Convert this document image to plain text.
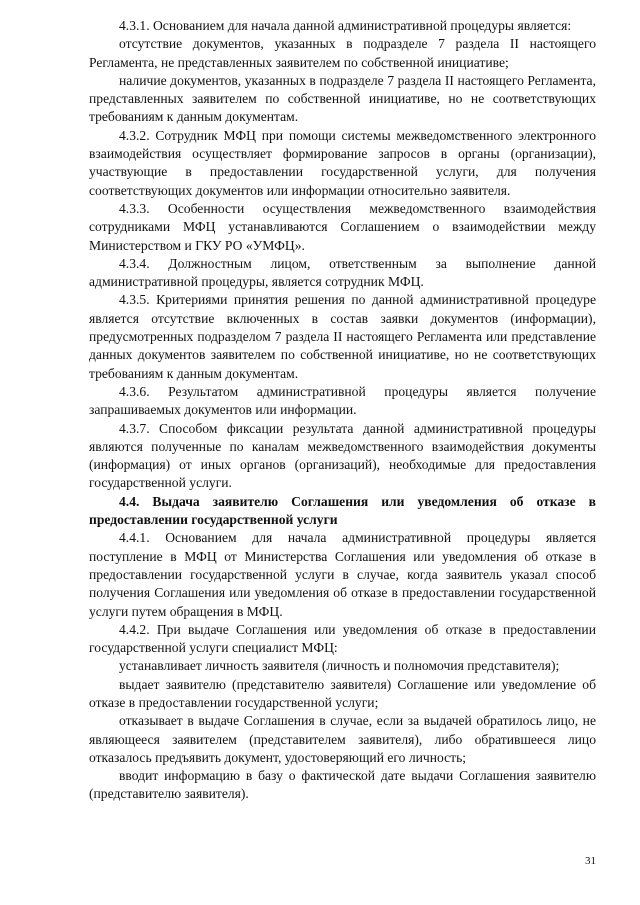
4.3.1. Основанием для начала данной административной процедуры является:

отсутствие документов, указанных в подразделе 7 раздела II настоящего Регламента, не представленных заявителем по собственной инициативе;

наличие документов, указанных в подразделе 7 раздела II настоящего Регламента, представленных заявителем по собственной инициативе, но не соответствующих требованиям к данным документам.

4.3.2. Сотрудник МФЦ при помощи системы межведомственного электронного взаимодействия осуществляет формирование запросов в органы (организации), участвующие в предоставлении государственной услуги, для получения соответствующих документов или информации относительно заявителя.

4.3.3. Особенности осуществления межведомственного взаимодействия сотрудниками МФЦ устанавливаются Соглашением о взаимодействии между Министерством и ГКУ РО «УМФЦ».

4.3.4. Должностным лицом, ответственным за выполнение данной административной процедуры, является сотрудник МФЦ.

4.3.5. Критериями принятия решения по данной административной процедуре является отсутствие включенных в состав заявки документов (информации), предусмотренных подразделом 7 раздела II настоящего Регламента или представление данных документов заявителем по собственной инициативе, но не соответствующих требованиям к данным документам.

4.3.6. Результатом административной процедуры является получение запрашиваемых документов или информации.

4.3.7. Способом фиксации результата данной административной процедуры являются полученные по каналам межведомственного взаимодействия документы (информация) от иных органов (организаций), необходимые для предоставления государственной услуги.

4.4. Выдача заявителю Соглашения или уведомления об отказе в предоставлении государственной услуги

4.4.1. Основанием для начала административной процедуры является поступление в МФЦ от Министерства Соглашения или уведомления об отказе в предоставлении государственной услуги в случае, когда заявитель указал способ получения Соглашения или уведомления об отказе в предоставлении государственной услуги путем обращения в МФЦ.

4.4.2. При выдаче Соглашения или уведомления об отказе в предоставлении государственной услуги специалист МФЦ:

устанавливает личность заявителя (личность и полномочия представителя);

выдает заявителю (представителю заявителя) Соглашение или уведомление об отказе в предоставлении государственной услуги;

отказывает в выдаче Соглашения в случае, если за выдачей обратилось лицо, не являющееся заявителем (представителем заявителя), либо обратившееся лицо отказалось предъявить документ, удостоверяющий его личность;

вводит информацию в базу о фактической дате выдачи Соглашения заявителю (представителю заявителя).

31
